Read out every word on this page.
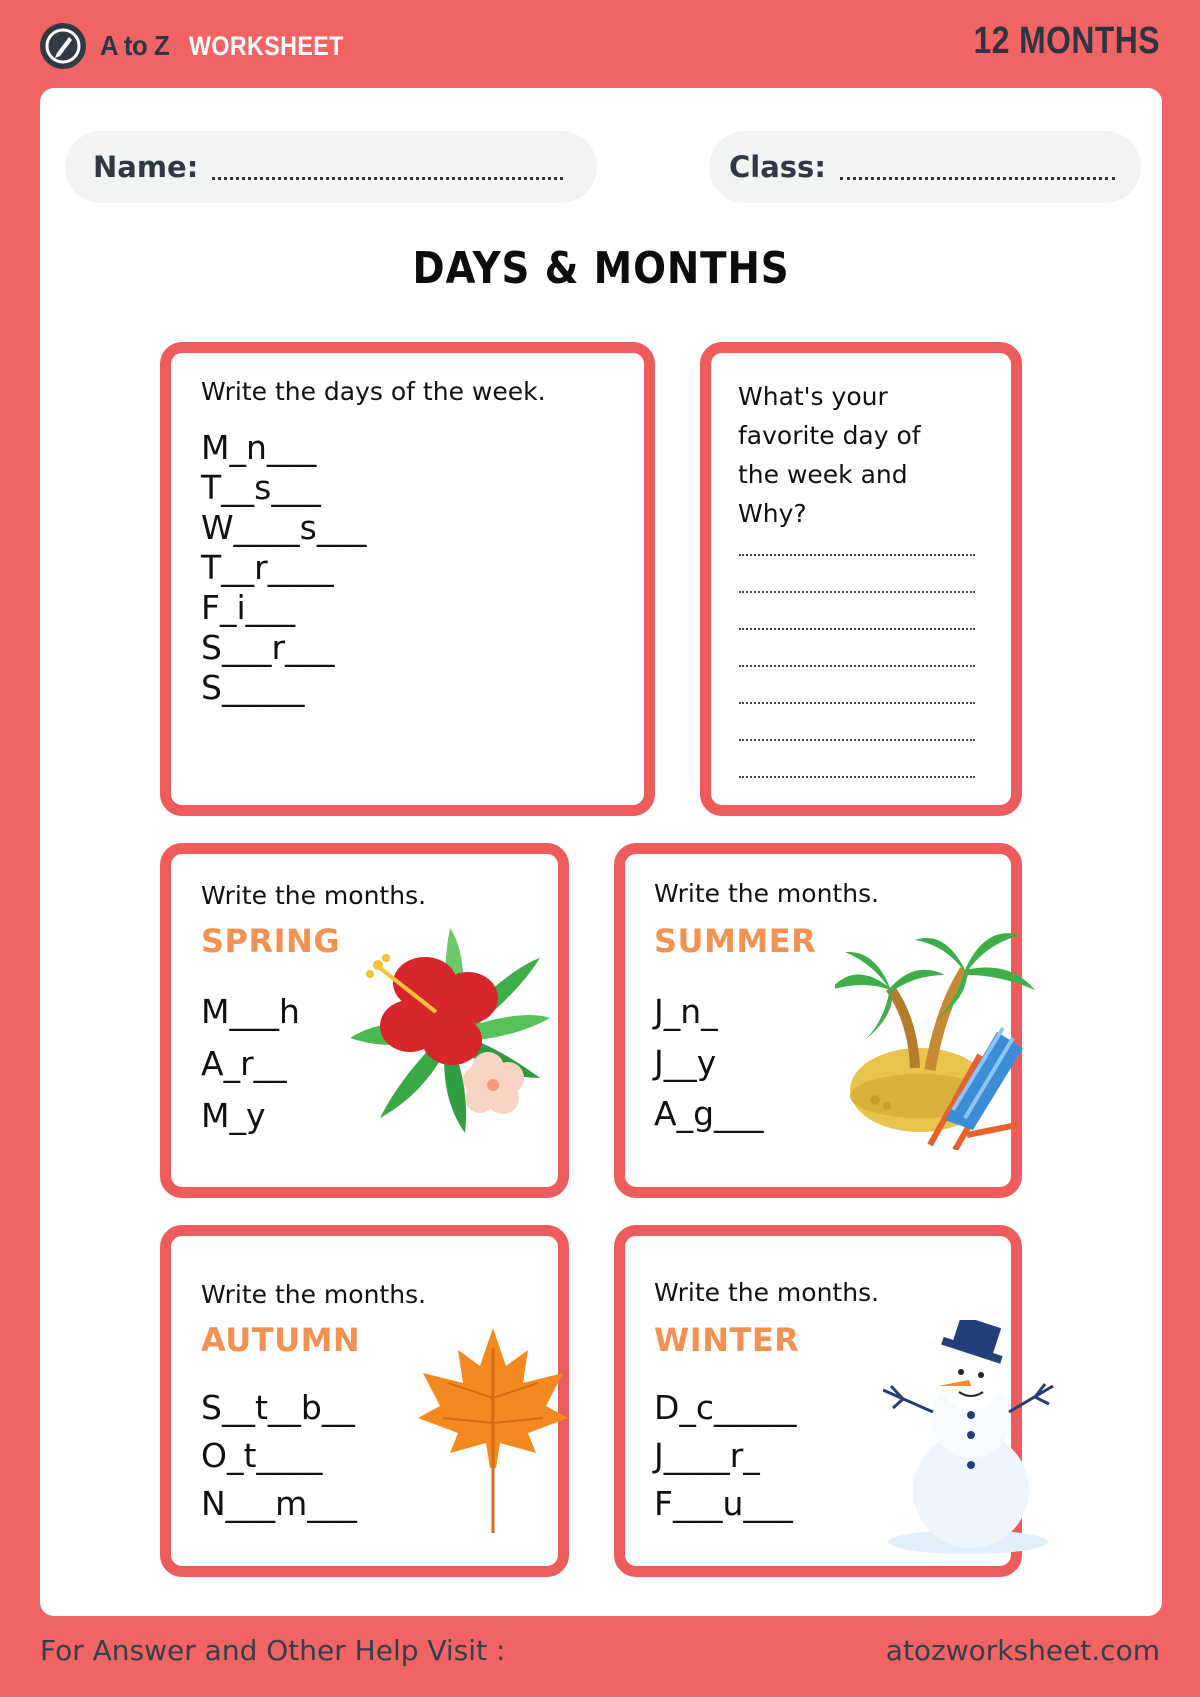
A to Z WORKSHEET	12 MONTHS
Name:	Class:
DAYS & MONTHS
Write the days of the week.
M_n___
T__s___
W____s___
T__r____
F_i___
S___r___
S_____
What's your
favorite day of
the week and
Why?
Write the months.
SPRING
M___h
A_r__
M_y
Write the months.
SUMMER
J_n_
J__y
A_g___
Write the months.
AUTUMN
S__t__b__
O_t____
N___m___
Write the months.
WINTER
D_c_____
J____r_
F___u___
For Answer and Other Help Visit :	atozworksheet.com
